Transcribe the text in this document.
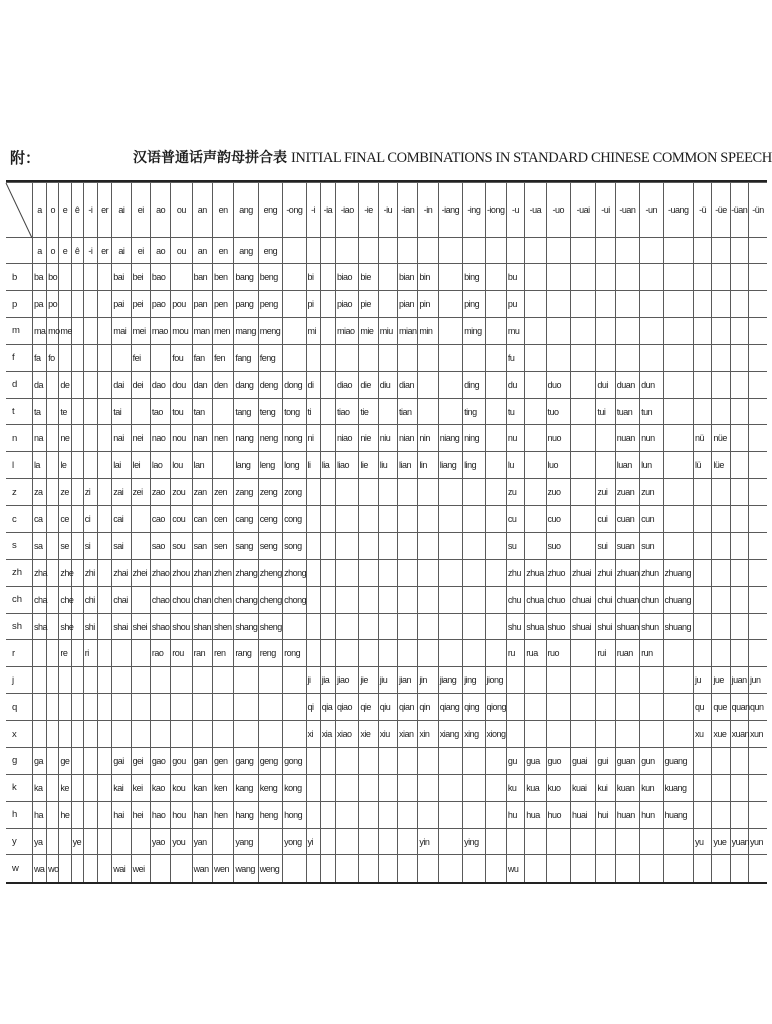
附：	汉语普通话声韵母拼合表 INITIAL FINAL COMBINATIONS IN STANDARD CHINESE COMMON SPEECH
	a	o	e	ê	-i	er	ai	ei	ao	ou	an	en	ang	eng	-ong	-i	-ia	-iao	-ie	-iu	-ian	-in	-iang	-ing	-iong	-u	-ua	-uo	-uai	-ui	-uan	-un	-uang	-ü	-üe	-üan	-ün
	a	o	e	ê	-i	er	ai	ei	ao	ou	an	en	ang	eng																							
b	ba	bo					bai	bei	bao		ban	ben	bang	beng		bi		biao	bie		bian	bin		bing		bu											
p	pa	po					pai	pei	pao	pou	pan	pen	pang	peng		pi		piao	pie		pian	pin		ping		pu											
m	ma	mo	me				mai	mei	mao	mou	man	men	mang	meng		mi		miao	mie	miu	mian	min		ming		mu											
f	fa	fo						fei		fou	fan	fen	fang	feng												fu											
d	da		de				dai	dei	dao	dou	dan	den	dang	deng	dong	di		diao	die	diu	dian			ding		du		duo		dui	duan	dun					
t	ta		te				tai		tao	tou	tan		tang	teng	tong	ti		tiao	tie		tian			ting		tu		tuo		tui	tuan	tun					
n	na		ne				nai	nei	nao	nou	nan	nen	nang	neng	nong	ni		niao	nie	niu	nian	nin	niang	ning		nu		nuo			nuan	nun		nü	nüe		
l	la		le				lai	lei	lao	lou	lan		lang	leng	long	li	lia	liao	lie	liu	lian	lin	liang	ling		lu		luo			luan	lun		lü	lüe		
z	za		ze		zi		zai	zei	zao	zou	zan	zen	zang	zeng	zong											zu		zuo		zui	zuan	zun					
c	ca		ce		ci		cai		cao	cou	can	cen	cang	ceng	cong											cu		cuo		cui	cuan	cun					
s	sa		se		si		sai		sao	sou	san	sen	sang	seng	song											su		suo		sui	suan	sun					
zh	zha		zhe		zhi		zhai	zhei	zhao	zhou	zhan	zhen	zhang	zheng	zhong											zhu	zhua	zhuo	zhuai	zhui	zhuan	zhun	zhuang				
ch	cha		che		chi		chai		chao	chou	chan	chen	chang	cheng	chong											chu	chua	chuo	chuai	chui	chuan	chun	chuang				
sh	sha		she		shi		shai	shei	shao	shou	shan	shen	shang	sheng												shu	shua	shuo	shuai	shui	shuan	shun	shuang				
r			re		ri				rao	rou	ran	ren	rang	reng	rong											ru	rua	ruo		rui	ruan	run					
j																ji	jia	jiao	jie	jiu	jian	jin	jiang	jing	jiong									ju	jue	juan	jun
q																qi	qia	qiao	qie	qiu	qian	qin	qiang	qing	qiong									qu	que	quan	qun
x																xi	xia	xiao	xie	xiu	xian	xin	xiang	xing	xiong									xu	xue	xuan	xun
g	ga		ge				gai	gei	gao	gou	gan	gen	gang	geng	gong											gu	gua	guo	guai	gui	guan	gun	guang				
k	ka		ke				kai	kei	kao	kou	kan	ken	kang	keng	kong											ku	kua	kuo	kuai	kui	kuan	kun	kuang				
h	ha		he				hai	hei	hao	hou	han	hen	hang	heng	hong											hu	hua	huo	huai	hui	huan	hun	huang				
y	ya			ye					yao	you	yan		yang		yong	yi						yin		ying										yu	yue	yuan	yun
w	wa	wo					wai	wei			wan	wen	wang	weng												wu											
